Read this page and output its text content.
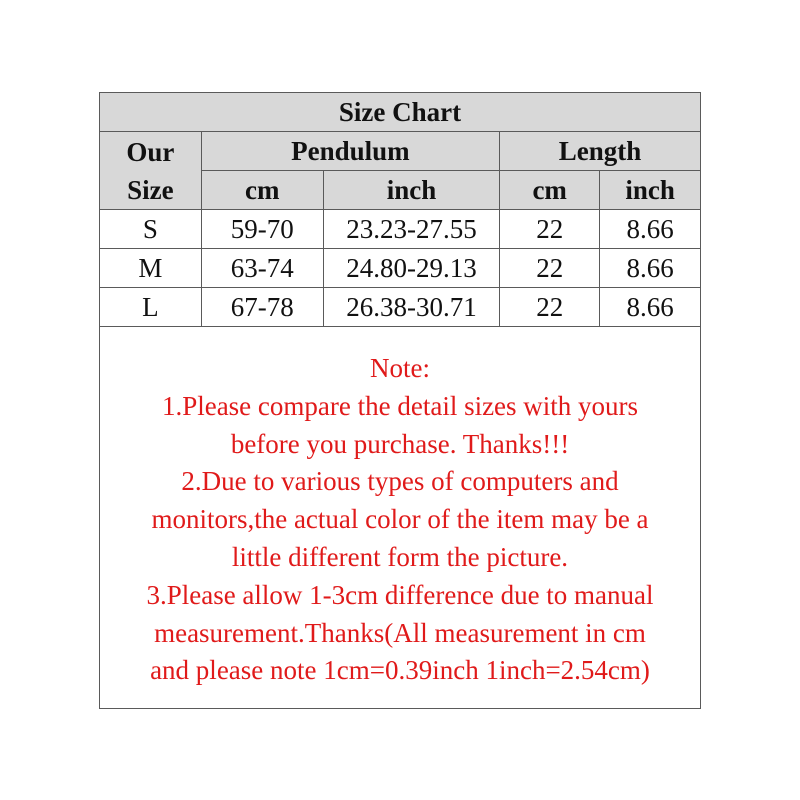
Size Chart				

Our
Size	Pendulum		Length	
	cm	inch	cm	inch
S	59-70	23.23-27.55	22	8.66
M	63-74	24.80-29.13	22	8.66
L	67-78	26.38-30.71	22	8.66
Note:
1.Please compare the detail sizes with yours
before you purchase. Thanks!!!
2.Due to various types of computers and
monitors,the actual color of the item may be a
little different form the picture.
3.Please allow 1-3cm difference due to manual
measurement.Thanks(All measurement in cm
and please note 1cm=0.39inch 1inch=2.54cm)
